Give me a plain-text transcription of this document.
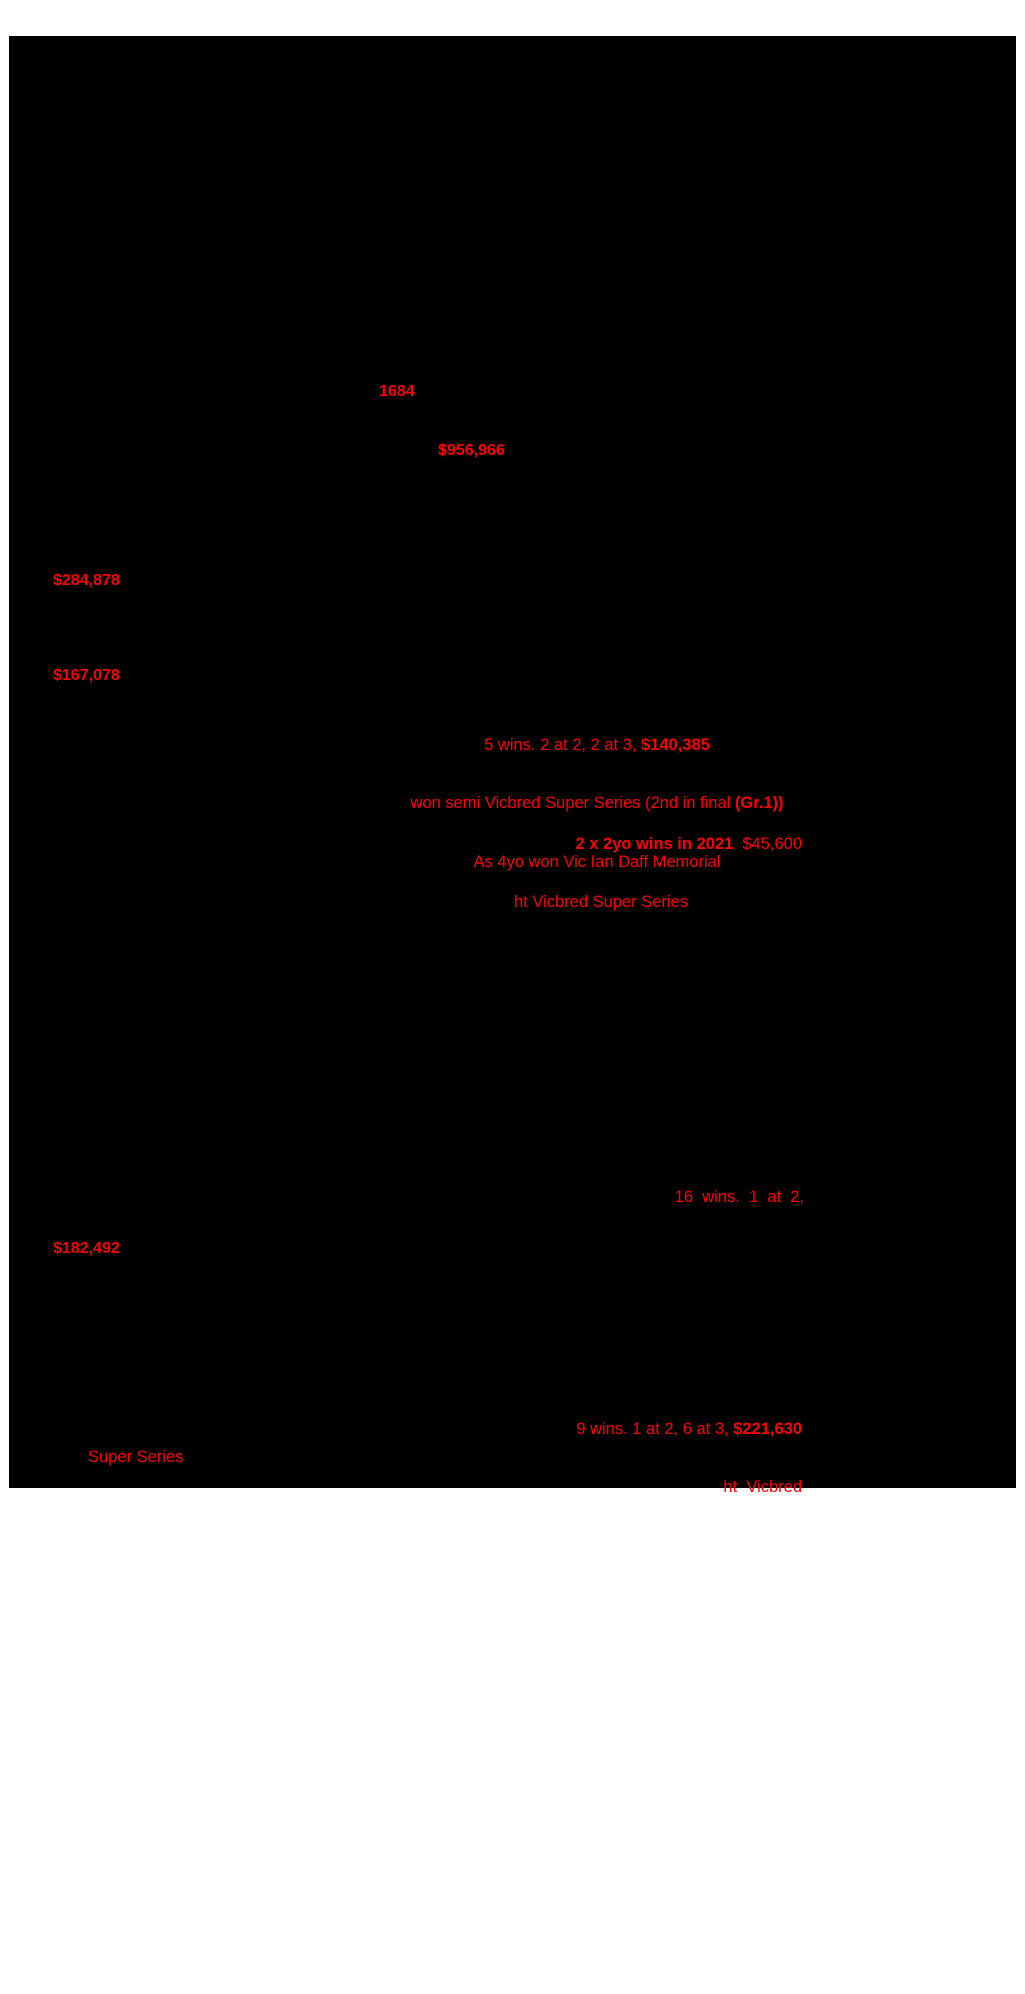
1684
$956,966
$284,878
$167,078

5 wins. 2 at 2, 2 at 3, $140,385

won semi Vicbred Super Series (2nd in final (Gr.1))

As 4yo won Vic Ian Daff Memorial

2 x 2yo wins in 2021  $45,600

ht Vicbred Super Series

16  wins.  1  at  2,
$182,492

9 wins. 1 at 2, 6 at 3, $221,630

ht  Vicbred

Super Series
